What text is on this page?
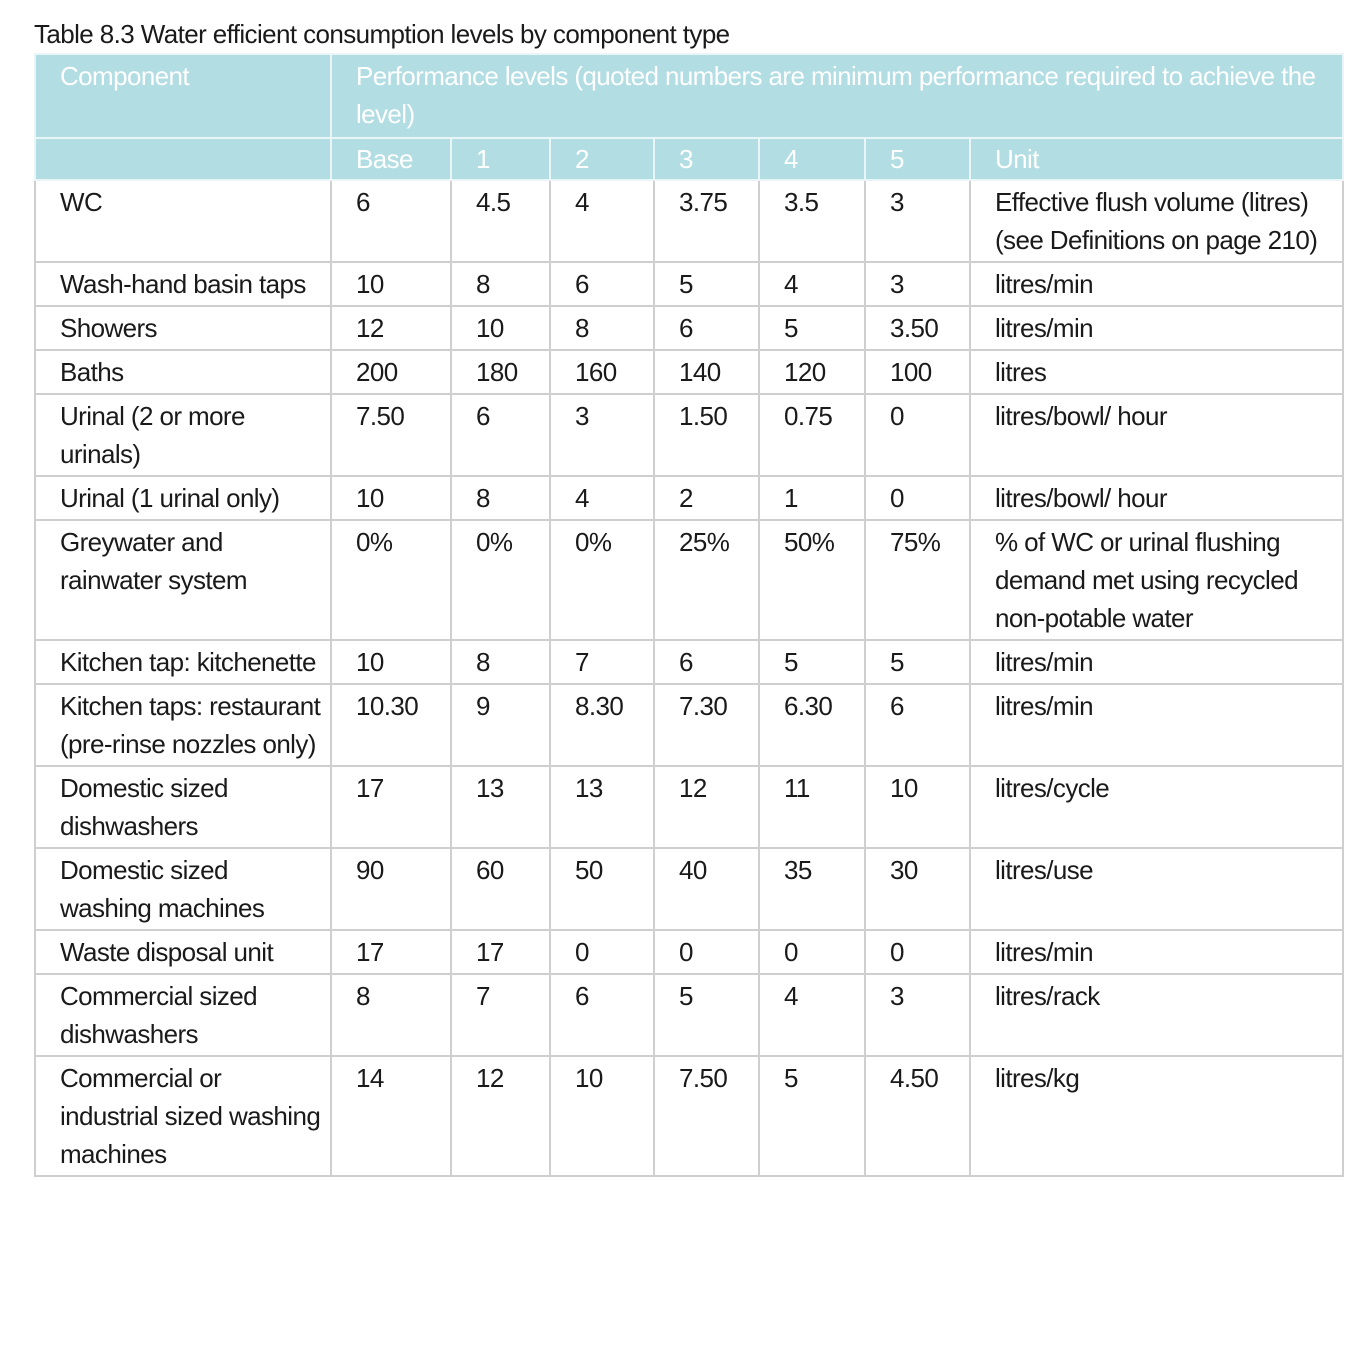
Table 8.3 Water efficient consumption levels by component type
Component	Performance levels (quoted numbers are minimum performance required to achieve the level)						
	Base	1	2	3	4	5	Unit
WC	6	4.5	4	3.75	3.5	3	Effective flush volume (litres) (see Definitions on page 210)
Wash-hand basin taps	10	8	6	5	4	3	litres/min
Showers	12	10	8	6	5	3.50	litres/min
Baths	200	180	160	140	120	100	litres
Urinal (2 or more urinals)	7.50	6	3	1.50	0.75	0	litres/bowl/ hour
Urinal (1 urinal only)	10	8	4	2	1	0	litres/bowl/ hour
Greywater and rainwater system	0%	0%	0%	25%	50%	75%	% of WC or urinal flushing demand met using recycled non-potable water
Kitchen tap: kitchenette	10	8	7	6	5	5	litres/min
Kitchen taps: restaurant (pre-rinse nozzles only)	10.30	9	8.30	7.30	6.30	6	litres/min
Domestic sized dishwashers	17	13	13	12	11	10	litres/cycle
Domestic sized washing machines	90	60	50	40	35	30	litres/use
Waste disposal unit	17	17	0	0	0	0	litres/min
Commercial sized dishwashers	8	7	6	5	4	3	litres/rack
Commercial or industrial sized washing machines	14	12	10	7.50	5	4.50	litres/kg
